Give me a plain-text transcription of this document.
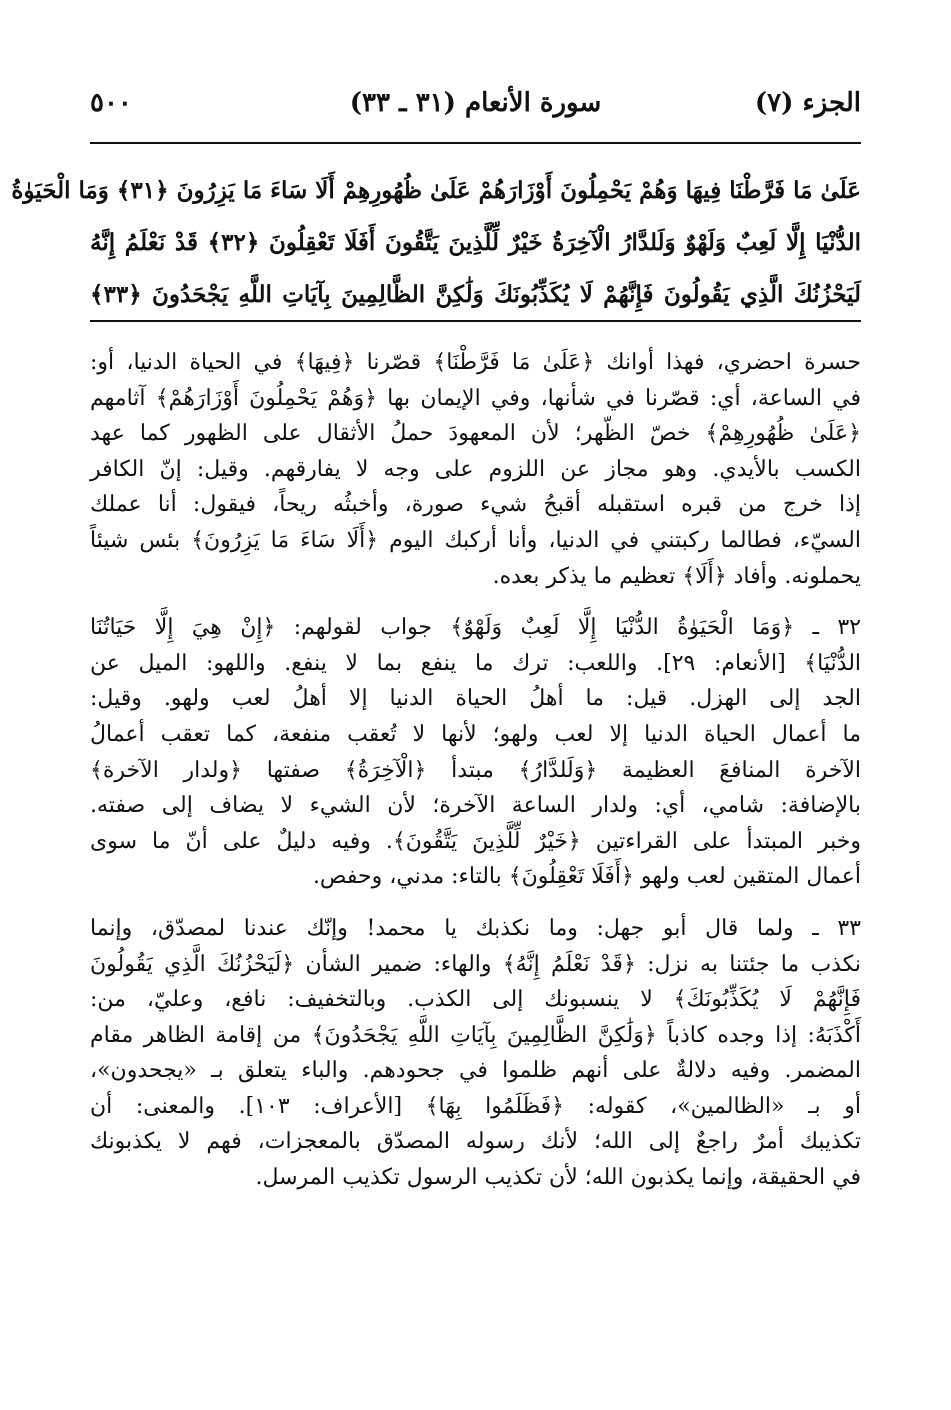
٥٠٠	سورة الأنعام (٣١ ـ ٣٣)	الجزء (٧)
عَلَىٰ مَا فَرَّطْنَا فِيهَا وَهُمْ يَحْمِلُونَ أَوْزَارَهُمْ عَلَىٰ ظُهُورِهِمْ أَلَا سَاءَ مَا يَزِرُونَ ﴿٣١﴾ وَمَا الْحَيَوٰةُ
الدُّنْيَا إِلَّا لَعِبٌ وَلَهْوٌ وَلَلدَّارُ الْآخِرَةُ خَيْرٌ لِّلَّذِينَ يَتَّقُونَ أَفَلَا تَعْقِلُونَ ﴿٣٢﴾ قَدْ نَعْلَمُ إِنَّهُ
لَيَحْزُنُكَ الَّذِي يَقُولُونَ فَإِنَّهُمْ لَا يُكَذِّبُونَكَ وَلَٰكِنَّ الظَّالِمِينَ بِآيَاتِ اللَّهِ يَجْحَدُونَ ﴿٣٣﴾
حسرة احضري، فهذا أوانك ﴿عَلَىٰ مَا فَرَّطْنَا﴾ قصّرنا ﴿فِيهَا﴾ في الحياة الدنيا، أو:
في الساعة، أي: قصّرنا في شأنها، وفي الإيمان بها ﴿وَهُمْ يَحْمِلُونَ أَوْزَارَهُمْ﴾ آثامهم
﴿عَلَىٰ ظُهُورِهِمْ﴾ خصّ الظّهر؛ لأن المعهودَ حملُ الأثقال على الظهور كما عهد
الكسب بالأيدي. وهو مجاز عن اللزوم على وجه لا يفارقهم. وقيل: إنّ الكافر
إذا خرج من قبره استقبله أقبحُ شيء صورة، وأخبثُه ريحاً، فيقول: أنا عملك
السيّء، فطالما ركبتني في الدنيا، وأنا أركبك اليوم ﴿أَلَا سَاءَ مَا يَزِرُونَ﴾ بئس شيئاً
يحملونه. وأفاد ﴿أَلَا﴾ تعظيم ما يذكر بعده.
٣٢ ـ ﴿وَمَا الْحَيَوٰةُ الدُّنْيَا إِلَّا لَعِبٌ وَلَهْوٌ﴾ جواب لقولهم: ﴿إِنْ هِيَ إِلَّا حَيَاتُنَا
الدُّنْيَا﴾ [الأنعام: ٢٩]. واللعب: ترك ما ينفع بما لا ينفع. واللهو: الميل عن
الجد إلى الهزل. قيل: ما أهلُ الحياة الدنيا إلا أهلُ لعب ولهو. وقيل:
ما أعمال الحياة الدنيا إلا لعب ولهو؛ لأنها لا تُعقب منفعة، كما تعقب أعمالُ
الآخرة المنافعَ العظيمة ﴿وَلَلدَّارُ﴾ مبتدأ ﴿الْآخِرَةُ﴾ صفتها ﴿ولدار الآخرة﴾
بالإضافة: شامي، أي: ولدار الساعة الآخرة؛ لأن الشيء لا يضاف إلى صفته.
وخبر المبتدأ على القراءتين ﴿خَيْرٌ لِّلَّذِينَ يَتَّقُونَ﴾. وفيه دليلٌ على أنّ ما سوى
أعمال المتقين لعب ولهو ﴿أَفَلَا تَعْقِلُونَ﴾ بالتاء: مدني، وحفص.
٣٣ ـ ولما قال أبو جهل: وما نكذبك يا محمد! وإنّك عندنا لمصدّق، وإنما
نكذب ما جئتنا به نزل: ﴿قَدْ نَعْلَمُ إِنَّهُ﴾ والهاء: ضمير الشأن ﴿لَيَحْزُنُكَ الَّذِي يَقُولُونَ
فَإِنَّهُمْ لَا يُكَذِّبُونَكَ﴾ لا ينسبونك إلى الكذب. وبالتخفيف: نافع، وعليّ، من:
أَكْذَبَهُ: إذا وجده كاذباً ﴿وَلَٰكِنَّ الظَّالِمِينَ بِآيَاتِ اللَّهِ يَجْحَدُونَ﴾ من إقامة الظاهر مقام
المضمر. وفيه دلالةٌ على أنهم ظلموا في جحودهم. والباء يتعلق بـ «يجحدون»،
أو بـ «الظالمين»، كقوله: ﴿فَظَلَمُوا بِهَا﴾ [الأعراف: ١٠٣]. والمعنى: أن
تكذيبك أمرٌ راجعٌ إلى الله؛ لأنك رسوله المصدّق بالمعجزات، فهم لا يكذبونك
في الحقيقة، وإنما يكذبون الله؛ لأن تكذيب الرسول تكذيب المرسل.
